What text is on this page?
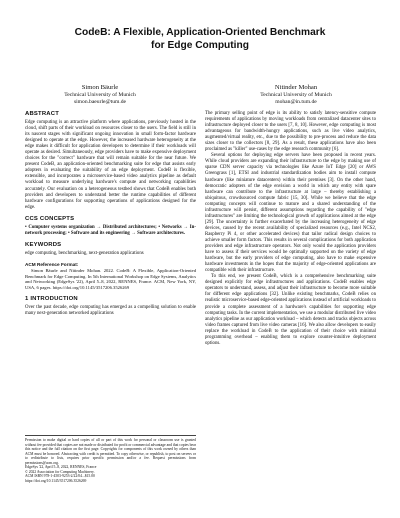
CodeB: A Flexible, Application-Oriented Benchmark
for Edge Computing
Simon Bäurle
Technical University of Munich
simon.baeurle@tum.de
Nitinder Mohan
Technical University of Munich
mohan@in.tum.de
ABSTRACT

Edge computing is an attractive platform where applications, previously hosted in the cloud, shift parts of their workload on resources closer to the users. The field is still in its nascent stages with significant ongoing innovation in small form-factor hardware designed to operate at the edge. However, the increased hardware heterogeneity at the edge makes it difficult for application developers to determine if their workloads will operate as desired. Simultaneously, edge providers have to make expensive deployment choices for the "correct" hardware that will remain suitable for the near future. We present CodeB, an application-oriented benchmarking suite for edge that assists early adopters in evaluating the suitability of an edge deployment. CodeB is flexible, extensible, and incorporates a microservice-based video analytics pipeline as default workload to measure underlying hardware's compute and networking capabilities accurately. Our evaluation on a heterogeneous testbed shows that CodeB enables both providers and developers to understand better the runtime capabilities of different hardware configurations for supporting operations of applications designed for the edge.

CCS CONCEPTS

• Computer systems organization → Distributed architectures; • Networks → In-network processing; • Software and its engineering → Software architectures.

KEYWORDS

edge computing, benchmarking, next-generation applications

ACM Reference Format:

Simon Bäurle and Nitinder Mohan. 2022. CodeB: A Flexible, Application-Oriented Benchmark for Edge Computing. In 5th International Workshop on Edge Systems, Analytics and Networking (EdgeSys '22), April 5–8, 2022, RENNES, France. ACM, New York, NY, USA, 6 pages. https://doi.org/10.1145/3517206.3526269

1 INTRODUCTION

Over the past decade, edge computing has emerged as a compelling solution to enable many next-generation networked applications

Permission to make digital or hard copies of all or part of this work for personal or classroom use is granted without fee provided that copies are not made or distributed for profit or commercial advantage and that copies bear this notice and the full citation on the first page. Copyrights for components of this work owned by others than ACM must be honored. Abstracting with credit is permitted. To copy otherwise, or republish, to post on servers or to redistribute to lists, requires prior specific permission and/or a fee. Request permissions from permissions@acm.org.

EdgeSys '22, April 5–8, 2022, RENNES, France

© 2022 Association for Computing Machinery.

ACM ISBN 978-1-4503-9253-2/22/04...$15.00

https://doi.org/10.1145/3517206.3526269

The primary selling point of edge is its ability to satisfy latency-sensitive compute requirements of applications by moving workloads from centralized datacenter sites to infrastructure deployed closer to the users [7, 8, 10]. However, edge computing is most advantageous for bandwidth-hungry applications, such as live video analytics, augmented/virtual reality, etc., due to the possibility to pre-process and reduce the data sizes closer to the collectors [8, 29]. As a result, these applications have also been proclaimed as "killer" use-cases by the edge research community [6].

Several options for deploying edge servers have been proposed in recent years. While cloud providers are expanding their infrastructure to the edge by making use of sparse CDN server capacity via technologies like Azure IoT Edge [20] or AWS Greengrass [1], ETSI and industrial standardization bodies aim to install compute hardware (like miniature datacenters) within their premises [3]. On the other hand, democratic adopters of the edge envision a world in which any entity with spare hardware can contribute to the infrastructure at large – thereby establishing a ubiquitous, crowdsourced compute fabric [15, 30]. While we believe that the edge computing concepts will continue to mature and a shared understanding of the infrastructure will persist, different assumptions regarding the capability of "edge infrastructures" are limiting the technological growth of applications aimed at the edge [29]. The uncertainty is further exacerbated by the increasing heterogeneity of edge devices, caused by the recent availability of specialized resources (e.g., Intel NCS2, Raspberry Pi 4, or other accelerated devices) that tailor radical design choices to achieve smaller form factors. This results in several complications for both application providers and edge infrastructure operators. Not only would the application providers have to assess if their services would be optimally supported on the variety of edge hardware, but the early providers of edge computing, also have to make expensive hardware investments in the hopes that the majority of edge-oriented applications are compatible with their infrastructure.

To this end, we present CodeB, which is a comprehensive benchmarking suite designed explicitly for edge infrastructures and applications. CodeB enables edge operators to understand, assess, and adjust their infrastructure to become more suitable for different edge applications [32]. Unlike existing benchmarks, CodeB relies on realistic microservice-based edge-oriented applications instead of artificial workloads to provide a complete assessment of a hardware's capabilities for supporting edge computing tasks. In the current implementation, we use a modular distributed live video analytics pipeline as our application workload – which detects and tracks objects across video frames captured from live video cameras [16]. We also allow developers to easily replace the workload in CodeB to the application of their choice with minimal programming overhead – enabling them to explore counter-intuitive deployment options.
